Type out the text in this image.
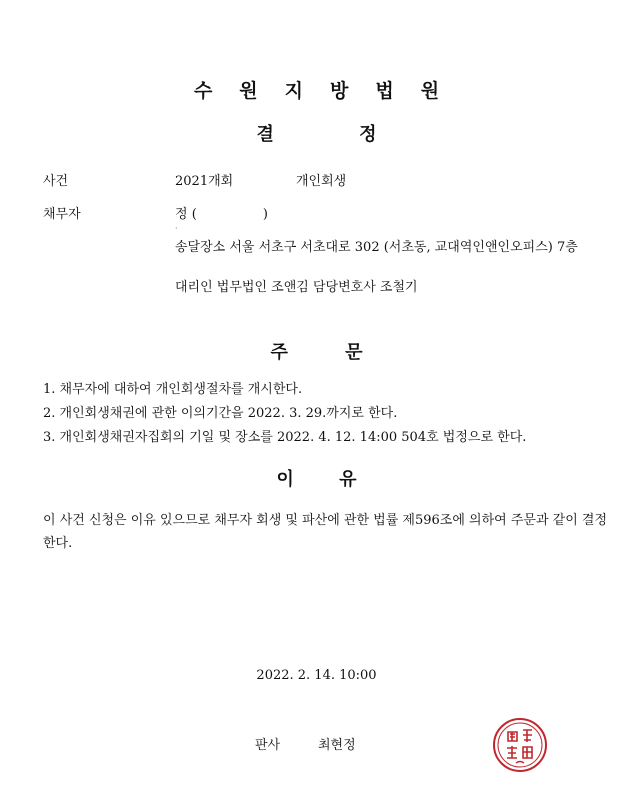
수원지방법원
결 정
사건	2021개회	개인회생
채무자	정 (                )
·
송달장소 서울 서초구 서초대로 302 (서초동, 교대역인앤인오피스) 7층
대리인 법무법인 조앤김 담당변호사 조철기
주 문
1. 채무자에 대하여 개인회생절차를 개시한다.
2. 개인회생채권에 관한 이의기간을 2022. 3. 29.까지로 한다.
3. 개인회생채권자집회의 기일 및 장소를 2022. 4. 12. 14:00 504호 법정으로 한다.
이 유
이 사건 신청은 이유 있으므로 채무자 회생 및 파산에 관한 법률 제596조에 의하여 주문과 같이 결정한다.
2022. 2. 14. 10:00
판사	최현정
